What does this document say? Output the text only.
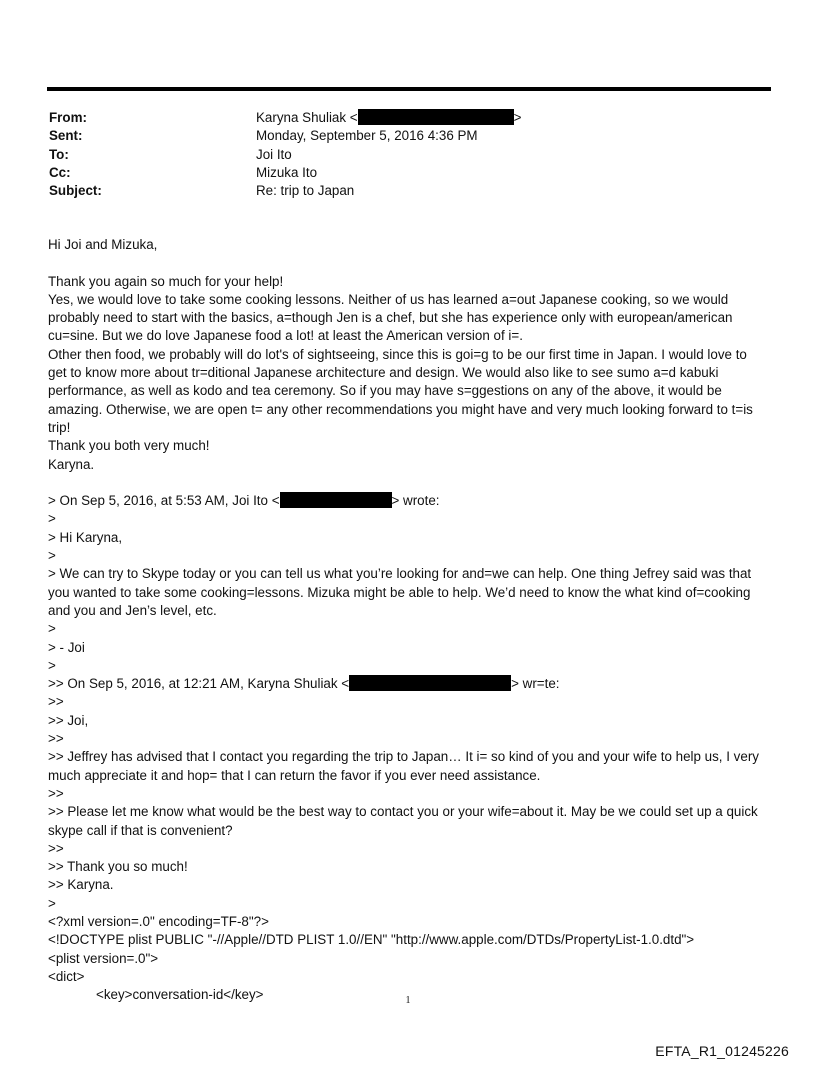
From:	Karyna Shuliak <	>
Sent:	Monday, September 5, 2016 4:36 PM
To:	Joi Ito
Cc:	Mizuka Ito
Subject:	Re: trip to Japan
Hi Joi and Mizuka,
Thank you again so much for your help!
Yes, we would love to take some cooking lessons. Neither of us has learned a=out Japanese cooking, so we would
probably need to start with the basics, a=though Jen is a chef, but she has experience only with european/american
cu=sine. But we do love Japanese food a lot! at least the American version of i=.
Other then food, we probably will do lot's of sightseeing, since this is goi=g to be our first time in Japan. I would love to
get to know more about tr=ditional Japanese architecture and design. We would also like to see sumo a=d kabuki
performance, as well as kodo and tea ceremony. So if you may have s=ggestions on any of the above, it would be
amazing. Otherwise, we are open t= any other recommendations you might have and very much looking forward to t=is
trip!
Thank you both very much!
Karyna.
> On Sep 5, 2016, at 5:53 AM, Joi Ito <	> wrote:
>
> Hi Karyna,
>
> We can try to Skype today or you can tell us what you’re looking for and=we can help. One thing Jefrey said was that
you wanted to take some cooking=lessons. Mizuka might be able to help. We’d need to know the what kind of=cooking
and you and Jen’s level, etc.
>
> - Joi
>
>> On Sep 5, 2016, at 12:21 AM, Karyna Shuliak <	> wr=te:
>>
>> Joi,
>>
>> Jeffrey has advised that I contact you regarding the trip to Japan… It i= so kind of you and your wife to help us, I very
much appreciate it and hop= that I can return the favor if you ever need assistance.
>>
>> Please let me know what would be the best way to contact you or your wife=about it. May be we could set up a quick
skype call if that is convenient?
>>
>> Thank you so much!
>> Karyna.
>
<?xml version=.0" encoding=TF-8"?>
<!DOCTYPE plist PUBLIC "-//Apple//DTD PLIST 1.0//EN" "http://www.apple.com/DTDs/PropertyList-1.0.dtd">
<plist version=.0">
<dict>
<key>conversation-id</key>	1
EFTA_R1_01245226
